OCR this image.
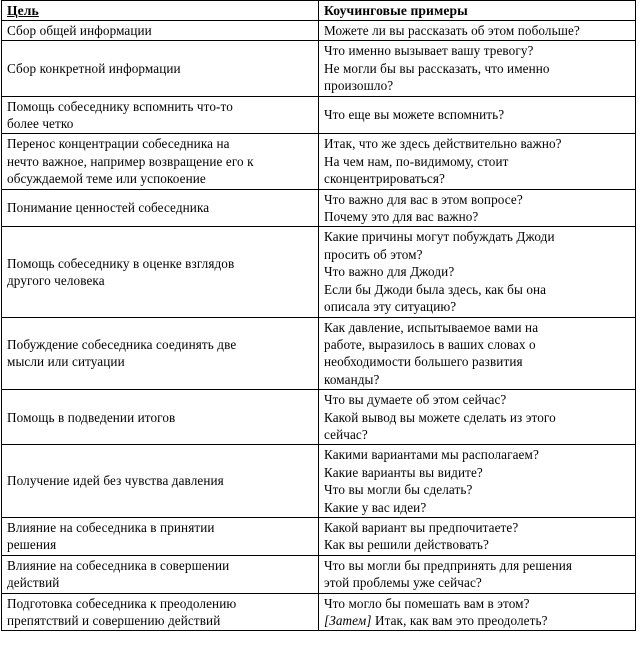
Цель	Коучинговые примеры

Сбор общей информации	Можете ли вы рассказать об этом побольше?

Сбор конкретной информации	Что именно вызывает вашу тревогу?
Не могли бы вы рассказать, что именно
произошло?

Помощь собеседнику вспомнить что-то
более четко	Что еще вы можете вспомнить?

Перенос концентрации собеседника на
нечто важное, например возвращение его к
обсуждаемой теме или успокоение	Итак, что же здесь действительно важно?
На чем нам, по-видимому, стоит
сконцентрироваться?

Понимание ценностей собеседника	Что важно для вас в этом вопросе?
Почему это для вас важно?

Помощь собеседнику в оценке взглядов
другого человека	Какие причины могут побуждать Джоди
просить об этом?
Что важно для Джоди?
Если бы Джоди была здесь, как бы она
описала эту ситуацию?

Побуждение собеседника соединять две
мысли или ситуации	Как давление, испытываемое вами на
работе, выразилось в ваших словах о
необходимости большего развития
команды?

Помощь в подведении итогов	Что вы думаете об этом сейчас?
Какой вывод вы можете сделать из этого
сейчас?

Получение идей без чувства давления	Какими вариантами мы располагаем?
Какие варианты вы видите?
Что вы могли бы сделать?
Какие у вас идеи?

Влияние на собеседника в принятии
решения	Какой вариант вы предпочитаете?
Как вы решили действовать?

Влияние на собеседника в совершении
действий	Что вы могли бы предпринять для решения
этой проблемы уже сейчас?

Подготовка собеседника к преодолению
препятствий и совершению действий	Что могло бы помешать вам в этом?
[Затем] Итак, как вам это преодолеть?
